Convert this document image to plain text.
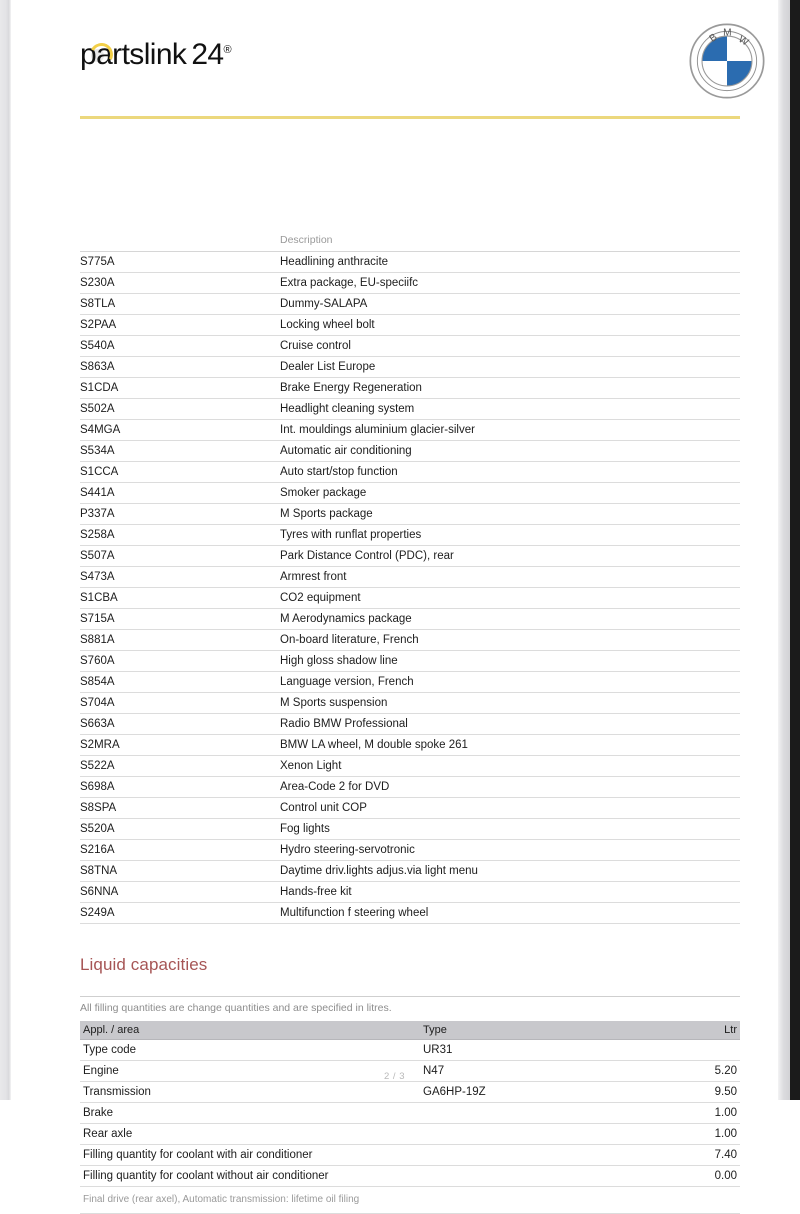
partslink 24®
B M
W
	Description
S775A	Headlining anthracite
S230A	Extra package, EU-speciifc
S8TLA	Dummy-SALAPA
S2PAA	Locking wheel bolt
S540A	Cruise control
S863A	Dealer List Europe
S1CDA	Brake Energy Regeneration
S502A	Headlight cleaning system
S4MGA	Int. mouldings aluminium glacier-silver
S534A	Automatic air conditioning
S1CCA	Auto start/stop function
S441A	Smoker package
P337A	M Sports package
S258A	Tyres with runflat properties
S507A	Park Distance Control (PDC), rear
S473A	Armrest front
S1CBA	CO2 equipment
S715A	M Aerodynamics package
S881A	On-board literature, French
S760A	High gloss shadow line
S854A	Language version, French
S704A	M Sports suspension
S663A	Radio BMW Professional
S2MRA	BMW LA wheel, M double spoke 261
S522A	Xenon Light
S698A	Area-Code 2 for DVD
S8SPA	Control unit COP
S520A	Fog lights
S216A	Hydro steering-servotronic
S8TNA	Daytime driv.lights adjus.via light menu
S6NNA	Hands-free kit
S249A	Multifunction f steering wheel
Liquid capacities
All filling quantities are change quantities and are specified in litres.
Appl. / area	Type	Ltr
Type code	UR31	
Engine	N47	5.20
Transmission	GA6HP-19Z	9.50
Brake		1.00
Rear axle		1.00
Filling quantity for coolant with air conditioner		7.40
Filling quantity for coolant without air conditioner		0.00
Final drive (rear axel), Automatic transmission: lifetime oil filing
2 / 3
